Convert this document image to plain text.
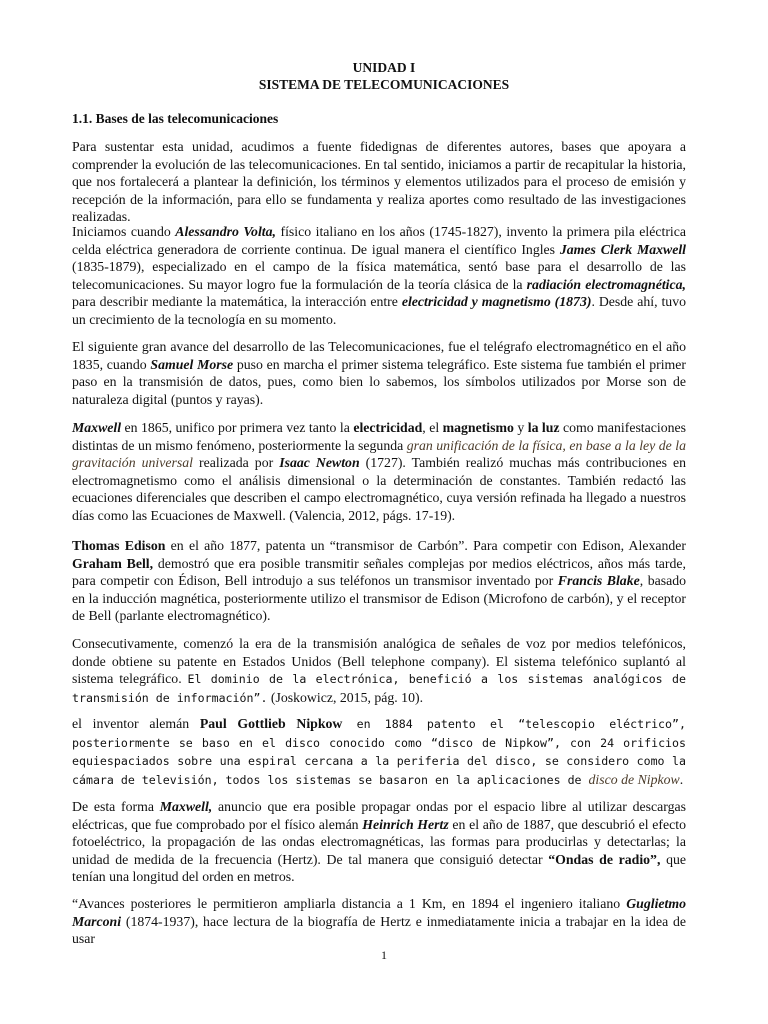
UNIDAD I
SISTEMA DE TELECOMUNICACIONES
1.1. Bases de las telecomunicaciones
Para sustentar esta unidad, acudimos a fuente fidedignas de diferentes autores, bases que apoyara a comprender la evolución de las telecomunicaciones. En tal sentido, iniciamos a partir de recapitular la historia, que nos fortalecerá a plantear la definición, los términos y elementos utilizados para el proceso de emisión y recepción de la información, para ello se fundamenta y realiza aportes como resultado de las investigaciones realizadas.
Iniciamos cuando Alessandro Volta, físico italiano en los años (1745-1827), invento la primera pila eléctrica celda eléctrica generadora de corriente continua. De igual manera el científico Ingles James Clerk Maxwell (1835-1879), especializado en el campo de la física matemática, sentó base para el desarrollo de las telecomunicaciones. Su mayor logro fue la formulación de la teoría clásica de la radiación electromagnética, para describir mediante la matemática, la interacción entre electricidad y magnetismo (1873). Desde ahí, tuvo un crecimiento de la tecnología en su momento.
El siguiente gran avance del desarrollo de las Telecomunicaciones, fue el telégrafo electromagnético en el año 1835, cuando Samuel Morse puso en marcha el primer sistema telegráfico. Este sistema fue también el primer paso en la transmisión de datos, pues, como bien lo sabemos, los símbolos utilizados por Morse son de naturaleza digital (puntos y rayas).
Maxwell en 1865, unifico por primera vez tanto la electricidad, el magnetismo y la luz como manifestaciones distintas de un mismo fenómeno, posteriormente la segunda gran unificación de la física, en base a la ley de la gravitación universal realizada por Isaac Newton (1727). También realizó muchas más contribuciones en electromagnetismo como el análisis dimensional o la determinación de constantes. También redactó las ecuaciones diferenciales que describen el campo electromagnético, cuya versión refinada ha llegado a nuestros días como las Ecuaciones de Maxwell. (Valencia, 2012, págs. 17-19).
Thomas Edison en el año 1877, patenta un “transmisor de Carbón”. Para competir con Edison, Alexander Graham Bell, demostró que era posible transmitir señales complejas por medios eléctricos, años más tarde, para competir con Édison, Bell introdujo a sus teléfonos un transmisor inventado por Francis Blake, basado en la inducción magnética, posteriormente utilizo el transmisor de Edison (Microfono de carbón), y el receptor de Bell (parlante electromagnético).
Consecutivamente, comenzó la era de la transmisión analógica de señales de voz por medios telefónicos, donde obtiene su patente en Estados Unidos (Bell telephone company). El sistema telefónico suplantó al sistema telegráfico. El dominio de la electrónica, benefició a los sistemas analógicos de transmisión de información”. (Joskowicz, 2015, pág. 10).
el inventor alemán Paul Gottlieb Nipkow en 1884 patento el “telescopio eléctrico”, posteriormente se baso en el disco conocido como “disco de Nipkow”, con 24 orificios equiespaciados sobre una espiral cercana a la periferia del disco, se considero como la cámara de televisión, todos los sistemas se basaron en la aplicaciones de disco de Nipkow.
De esta forma Maxwell, anuncio que era posible propagar ondas por el espacio libre al utilizar descargas eléctricas, que fue comprobado por el físico alemán Heinrich Hertz en el año de 1887, que descubrió el efecto fotoeléctrico, la propagación de las ondas electromagnéticas, las formas para producirlas y detectarlas; la unidad de medida de la frecuencia (Hertz). De tal manera que consiguió detectar “Ondas de radio”, que tenían una longitud del orden en metros.
“Avances posteriores le permitieron ampliarla distancia a 1 Km, en 1894 el ingeniero italiano Guglietmo Marconi (1874-1937), hace lectura de la biografía de Hertz e inmediatamente inicia a trabajar en la idea de usar
1
